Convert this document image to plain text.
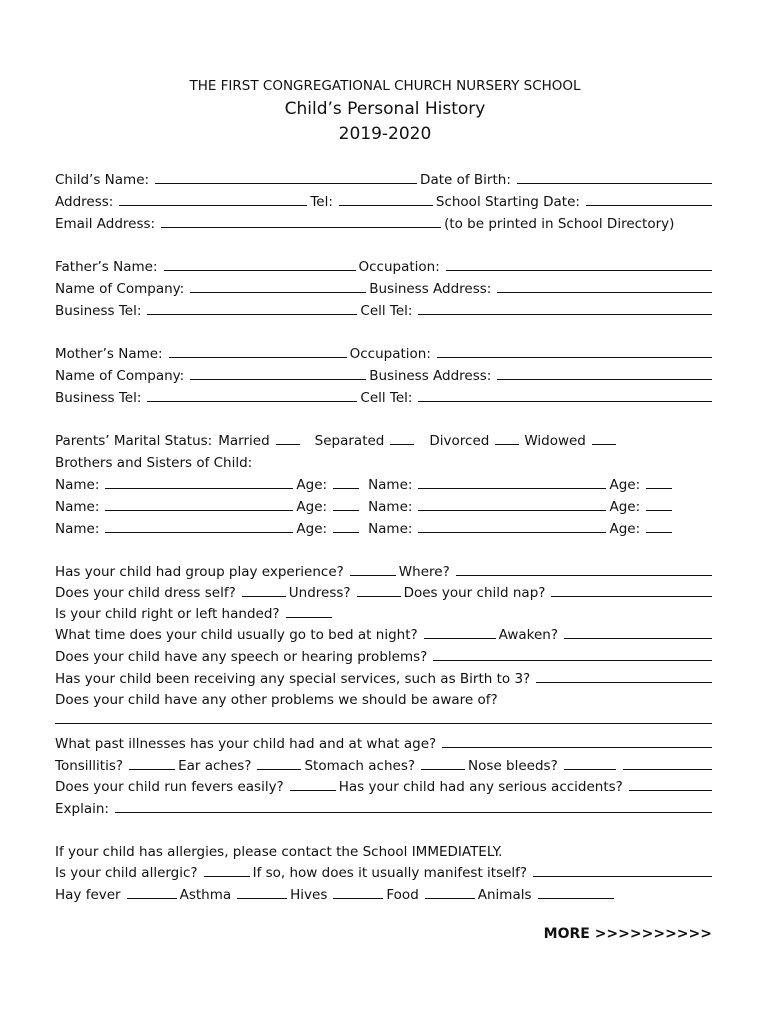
THE FIRST CONGREGATIONAL CHURCH NURSERY SCHOOL
Child’s Personal History
2019-2020
Child’s Name:	Date of Birth:
Address:	Tel:	School Starting Date:
Email Address:	(to be printed in School Directory)
Father’s Name:	Occupation:
Name of Company:	Business Address:
Business Tel:	Cell Tel:
Mother’s Name:	Occupation:
Name of Company:	Business Address:
Business Tel:	Cell Tel:
Parents’ Marital Status: Married	Separated	Divorced	Widowed
Brothers and Sisters of Child:
Name:	Age:	Name:	Age:
Name:	Age:	Name:	Age:
Name:	Age:	Name:	Age:
Has your child had group play experience?	Where?
Does your child dress self?	Undress?	Does your child nap?
Is your child right or left handed?
What time does your child usually go to bed at night?	Awaken?
Does your child have any speech or hearing problems?
Has your child been receiving any special services, such as Birth to 3?
Does your child have any other problems we should be aware of?
What past illnesses has your child had and at what age?
Tonsillitis?	Ear aches?	Stomach aches?	Nose bleeds?
Does your child run fevers easily?	Has your child had any serious accidents?
Explain:
If your child has allergies, please contact the School IMMEDIATELY.
Is your child allergic?	If so, how does it usually manifest itself?
Hay fever	Asthma	Hives	Food	Animals
MORE >>>>>>>>>>
